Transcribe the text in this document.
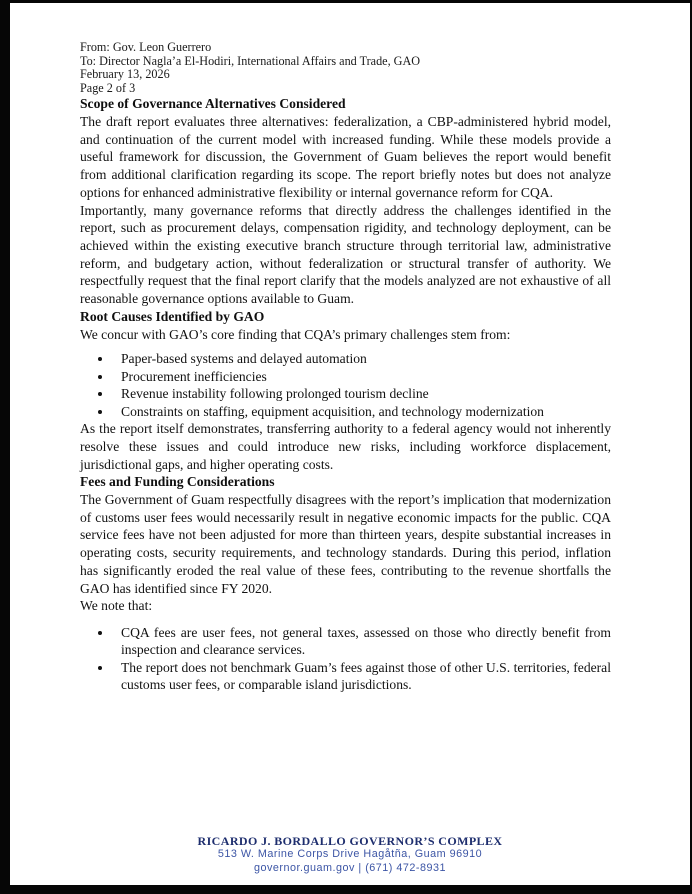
From: Gov. Leon Guerrero

To: Director Nagla’a El-Hodiri, International Affairs and Trade, GAO

February 13, 2026

Page 2 of 3

Scope of Governance Alternatives Considered

The draft report evaluates three alternatives: federalization, a CBP-administered hybrid model, and continuation of the current model with increased funding. While these models provide a useful framework for discussion, the Government of Guam believes the report would benefit from additional clarification regarding its scope. The report briefly notes but does not analyze options for enhanced administrative flexibility or internal governance reform for CQA.

Importantly, many governance reforms that directly address the challenges identified in the report, such as procurement delays, compensation rigidity, and technology deployment, can be achieved within the existing executive branch structure through territorial law, administrative reform, and budgetary action, without federalization or structural transfer of authority. We respectfully request that the final report clarify that the models analyzed are not exhaustive of all reasonable governance options available to Guam.

Root Causes Identified by GAO

We concur with GAO’s core finding that CQA’s primary challenges stem from:

• Paper-based systems and delayed automation
• Procurement inefficiencies
• Revenue instability following prolonged tourism decline
• Constraints on staffing, equipment acquisition, and technology modernization

As the report itself demonstrates, transferring authority to a federal agency would not inherently resolve these issues and could introduce new risks, including workforce displacement, jurisdictional gaps, and higher operating costs.

Fees and Funding Considerations

The Government of Guam respectfully disagrees with the report’s implication that modernization of customs user fees would necessarily result in negative economic impacts for the public. CQA service fees have not been adjusted for more than thirteen years, despite substantial increases in operating costs, security requirements, and technology standards. During this period, inflation has significantly eroded the real value of these fees, contributing to the revenue shortfalls the GAO has identified since FY 2020.

We note that:

• CQA fees are user fees, not general taxes, assessed on those who directly benefit from inspection and clearance services.
• The report does not benchmark Guam’s fees against those of other U.S. territories, federal customs user fees, or comparable island jurisdictions.

RICARDO J. BORDALLO GOVERNOR’S COMPLEX

513 W. Marine Corps Drive Hagåtña, Guam 96910

governor.guam.gov | (671) 472-8931
